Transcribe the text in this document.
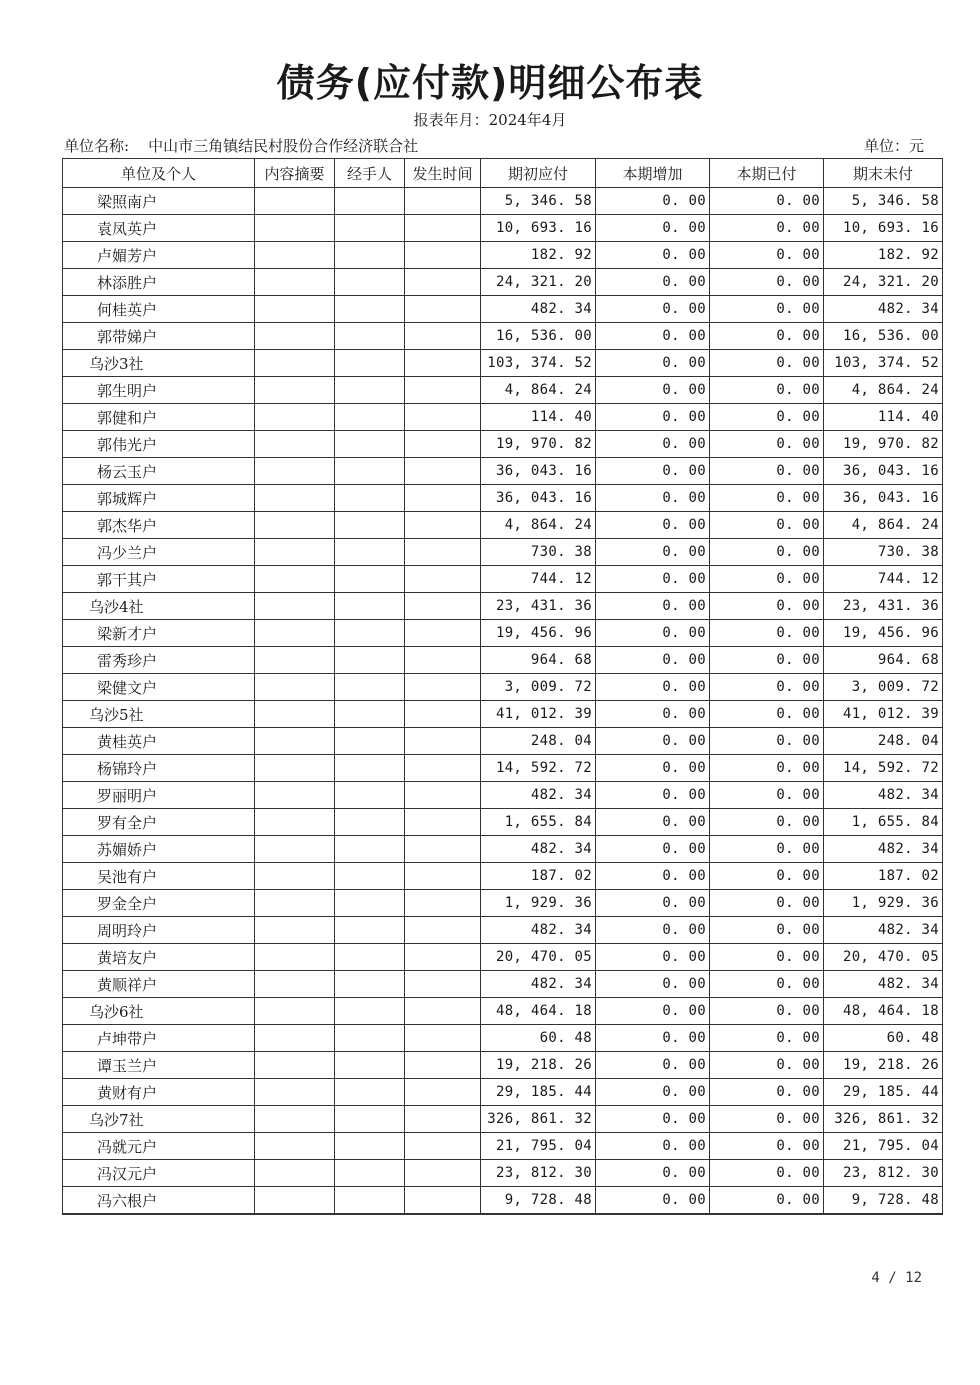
债务(应付款)明细公布表
报表年月：2024年4月
单位名称:    中山市三角镇结民村股份合作经济联合社	单位：元
单位及个人	内容摘要	经手人	发生时间	期初应付	本期增加	本期已付	期末未付
梁照南户				5, 346. 58	0. 00	0. 00	5, 346. 58
袁凤英户				10, 693. 16	0. 00	0. 00	10, 693. 16
卢媚芳户				182. 92	0. 00	0. 00	182. 92
林添胜户				24, 321. 20	0. 00	0. 00	24, 321. 20
何桂英户				482. 34	0. 00	0. 00	482. 34
郭带娣户				16, 536. 00	0. 00	0. 00	16, 536. 00
乌沙3社				103, 374. 52	0. 00	0. 00	103, 374. 52
郭生明户				4, 864. 24	0. 00	0. 00	4, 864. 24
郭健和户				114. 40	0. 00	0. 00	114. 40
郭伟光户				19, 970. 82	0. 00	0. 00	19, 970. 82
杨云玉户				36, 043. 16	0. 00	0. 00	36, 043. 16
郭城辉户				36, 043. 16	0. 00	0. 00	36, 043. 16
郭杰华户				4, 864. 24	0. 00	0. 00	4, 864. 24
冯少兰户				730. 38	0. 00	0. 00	730. 38
郭干其户				744. 12	0. 00	0. 00	744. 12
乌沙4社				23, 431. 36	0. 00	0. 00	23, 431. 36
梁新才户				19, 456. 96	0. 00	0. 00	19, 456. 96
雷秀珍户				964. 68	0. 00	0. 00	964. 68
梁健文户				3, 009. 72	0. 00	0. 00	3, 009. 72
乌沙5社				41, 012. 39	0. 00	0. 00	41, 012. 39
黄桂英户				248. 04	0. 00	0. 00	248. 04
杨锦玲户				14, 592. 72	0. 00	0. 00	14, 592. 72
罗丽明户				482. 34	0. 00	0. 00	482. 34
罗有全户				1, 655. 84	0. 00	0. 00	1, 655. 84
苏媚娇户				482. 34	0. 00	0. 00	482. 34
吴池有户				187. 02	0. 00	0. 00	187. 02
罗金全户				1, 929. 36	0. 00	0. 00	1, 929. 36
周明玲户				482. 34	0. 00	0. 00	482. 34
黄培友户				20, 470. 05	0. 00	0. 00	20, 470. 05
黄顺祥户				482. 34	0. 00	0. 00	482. 34
乌沙6社				48, 464. 18	0. 00	0. 00	48, 464. 18
卢坤带户				60. 48	0. 00	0. 00	60. 48
谭玉兰户				19, 218. 26	0. 00	0. 00	19, 218. 26
黄财有户				29, 185. 44	0. 00	0. 00	29, 185. 44
乌沙7社				326, 861. 32	0. 00	0. 00	326, 861. 32
冯就元户				21, 795. 04	0. 00	0. 00	21, 795. 04
冯汉元户				23, 812. 30	0. 00	0. 00	23, 812. 30
冯六根户				9, 728. 48	0. 00	0. 00	9, 728. 48
4 / 12
